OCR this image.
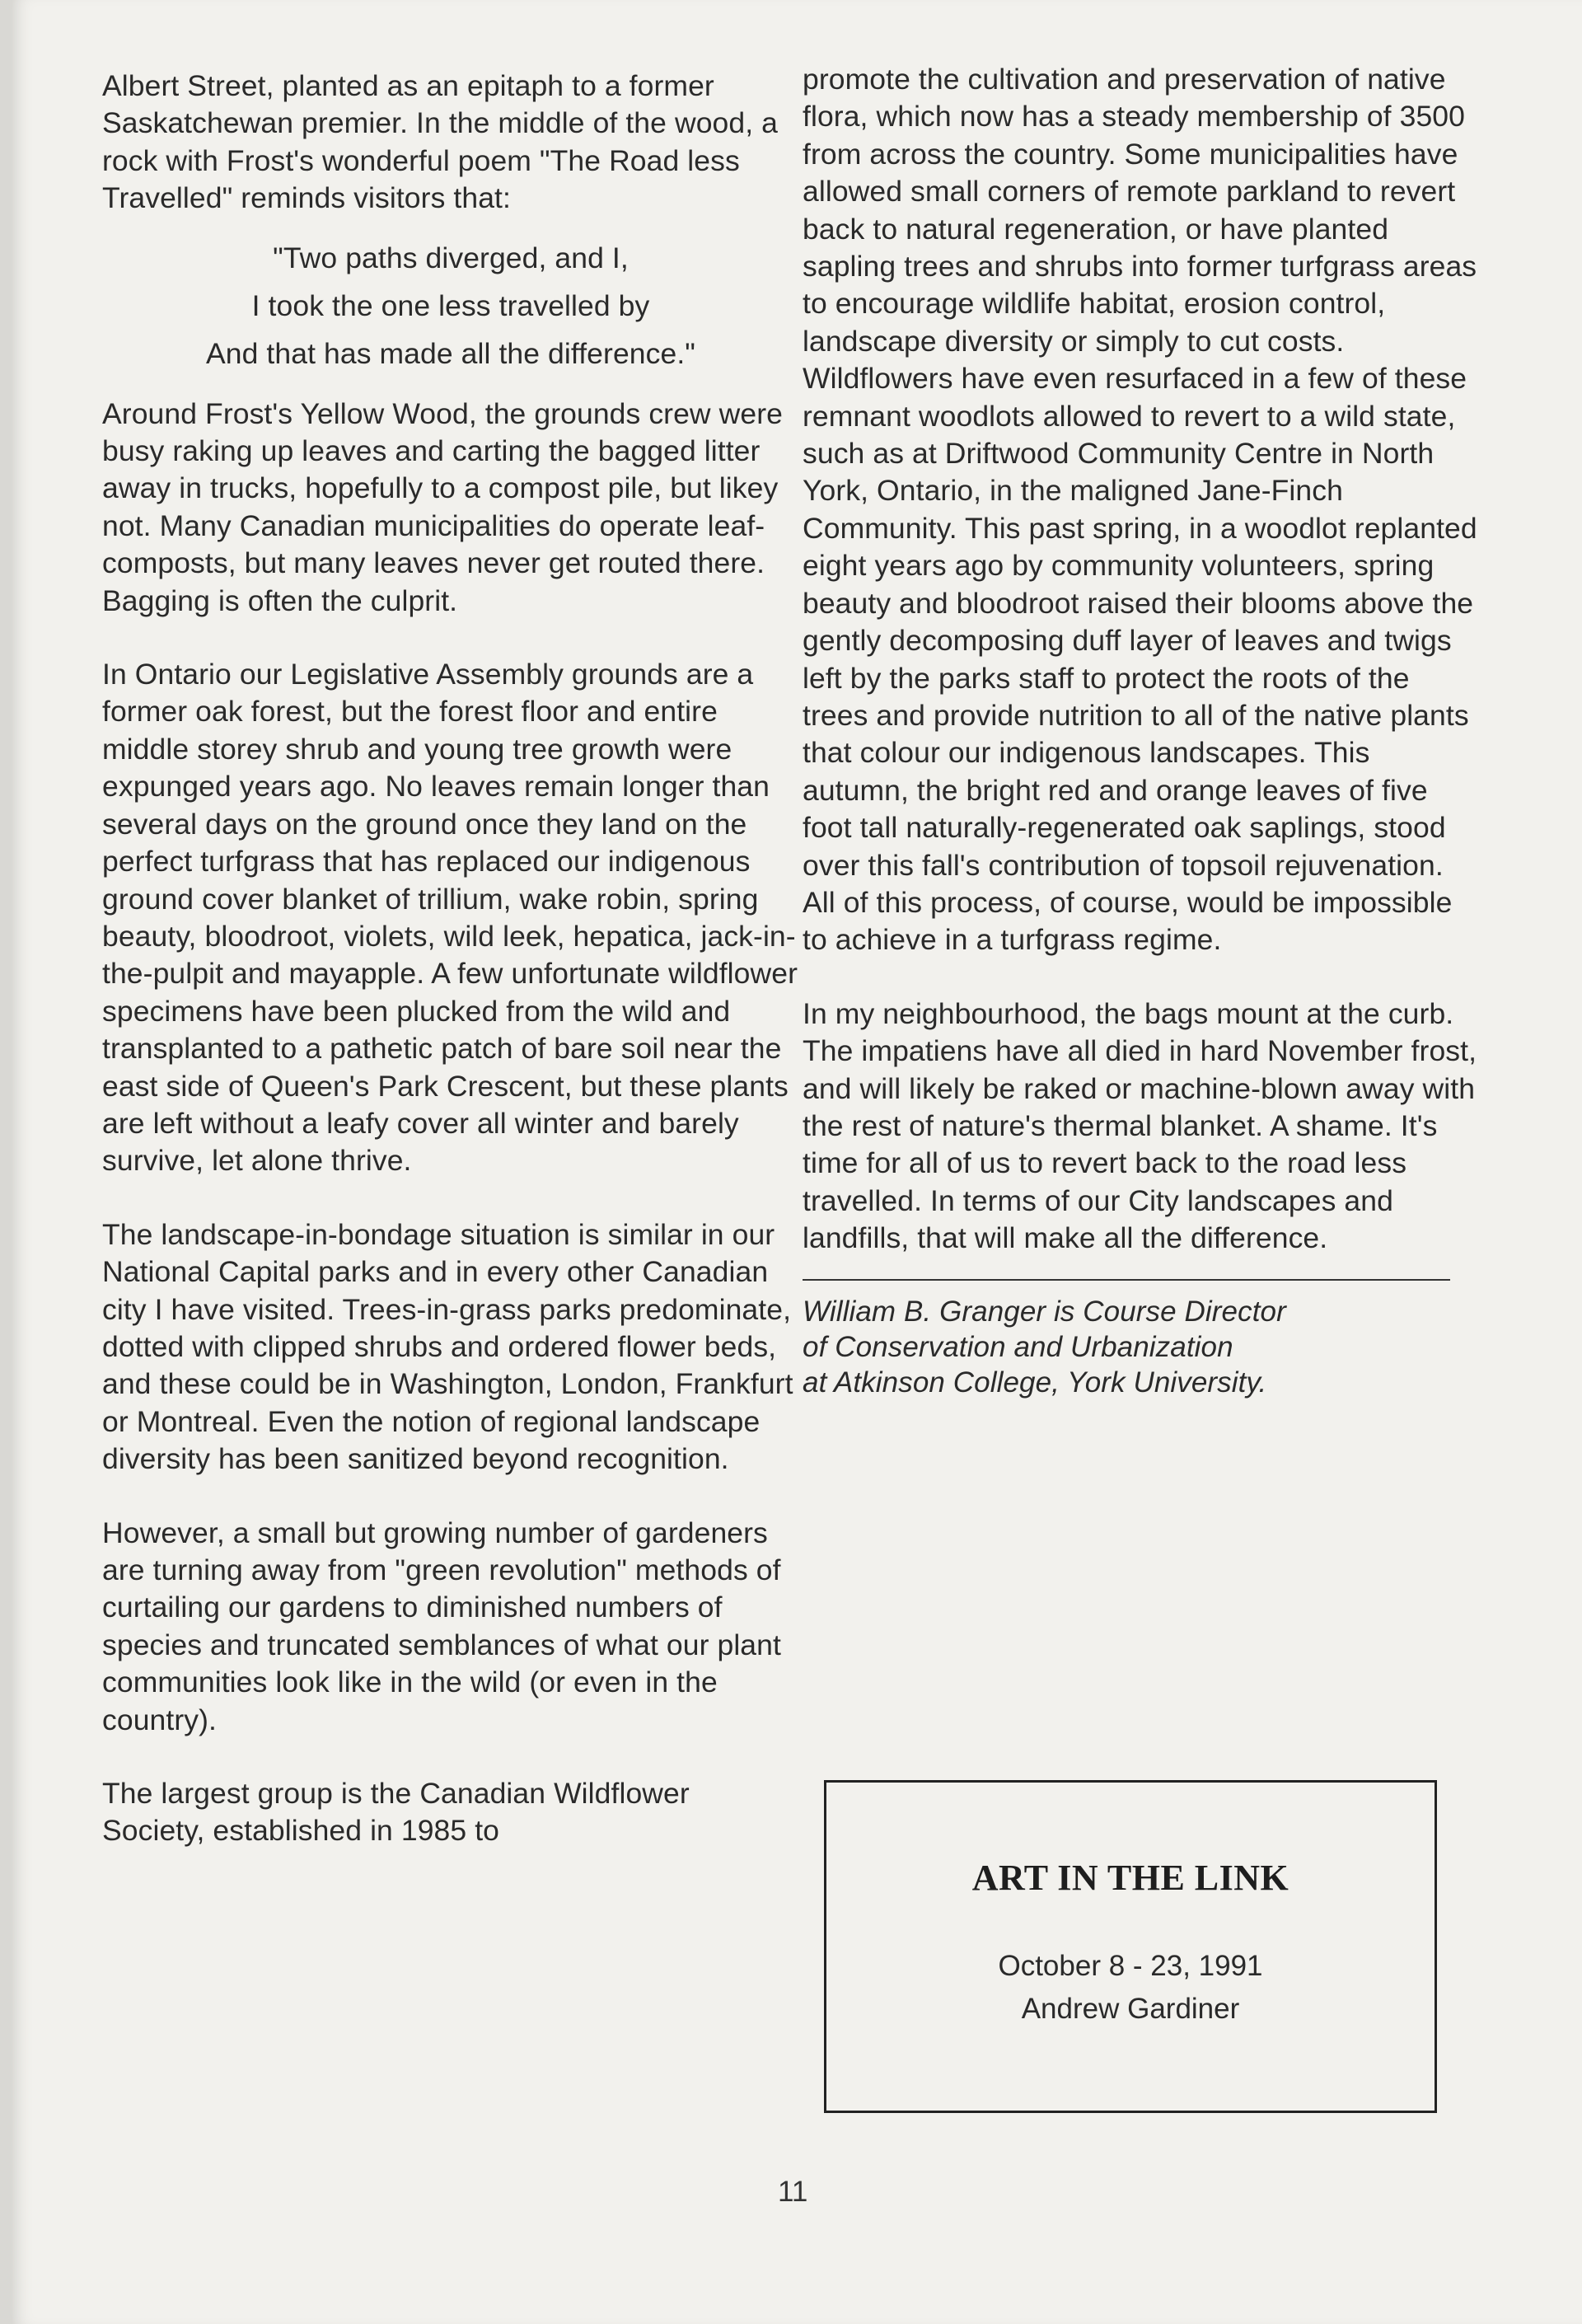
Albert Street, planted as an epitaph to a former Saskatchewan premier. In the middle of the wood, a rock with Frost's wonderful poem "The Road less Travelled" reminds visitors that:

"Two paths diverged, and I,
I took the one less travelled by
And that has made all the difference."

Around Frost's Yellow Wood, the grounds crew were busy raking up leaves and carting the bagged litter away in trucks, hopefully to a compost pile, but likey not. Many Canadian municipalities do operate leaf-composts, but many leaves never get routed there. Bagging is often the culprit.

In Ontario our Legislative Assembly grounds are a former oak forest, but the forest floor and entire middle storey shrub and young tree growth were expunged years ago. No leaves remain longer than several days on the ground once they land on the perfect turfgrass that has replaced our indigenous ground cover blanket of trillium, wake robin, spring beauty, bloodroot, violets, wild leek, hepatica, jack-in-the-pulpit and mayapple. A few unfortunate wildflower specimens have been plucked from the wild and transplanted to a pathetic patch of bare soil near the east side of Queen's Park Crescent, but these plants are left without a leafy cover all winter and barely survive, let alone thrive.

The landscape-in-bondage situation is similar in our National Capital parks and in every other Canadian city I have visited. Trees-in-grass parks predominate, dotted with clipped shrubs and ordered flower beds, and these could be in Washington, London, Frankfurt or Montreal. Even the notion of regional landscape diversity has been sanitized beyond recognition.

However, a small but growing number of gardeners are turning away from "green revolution" methods of curtailing our gardens to diminished numbers of species and truncated semblances of what our plant communities look like in the wild (or even in the country).

The largest group is the Canadian Wildflower Society, established in 1985 to

promote the cultivation and preservation of native flora, which now has a steady membership of 3500 from across the country. Some municipalities have allowed small corners of remote parkland to revert back to natural regeneration, or have planted sapling trees and shrubs into former turfgrass areas to encourage wildlife habitat, erosion control, landscape diversity or simply to cut costs. Wildflowers have even resurfaced in a few of these remnant woodlots allowed to revert to a wild state, such as at Driftwood Community Centre in North York, Ontario, in the maligned Jane-Finch Community. This past spring, in a woodlot replanted eight years ago by community volunteers, spring beauty and bloodroot raised their blooms above the gently decomposing duff layer of leaves and twigs left by the parks staff to protect the roots of the trees and provide nutrition to all of the native plants that colour our indigenous landscapes. This autumn, the bright red and orange leaves of five foot tall naturally-regenerated oak saplings, stood over this fall's contribution of topsoil rejuvenation. All of this process, of course, would be impossible to achieve in a turfgrass regime.

In my neighbourhood, the bags mount at the curb. The impatiens have all died in hard November frost, and will likely be raked or machine-blown away with the rest of nature's thermal blanket. A shame. It's time for all of us to revert back to the road less travelled. In terms of our City landscapes and landfills, that will make all the difference.

William B. Granger is Course Director
of Conservation and Urbanization
at Atkinson College, York University.
ART IN THE LINK
October 8 - 23, 1991
Andrew Gardiner
11
